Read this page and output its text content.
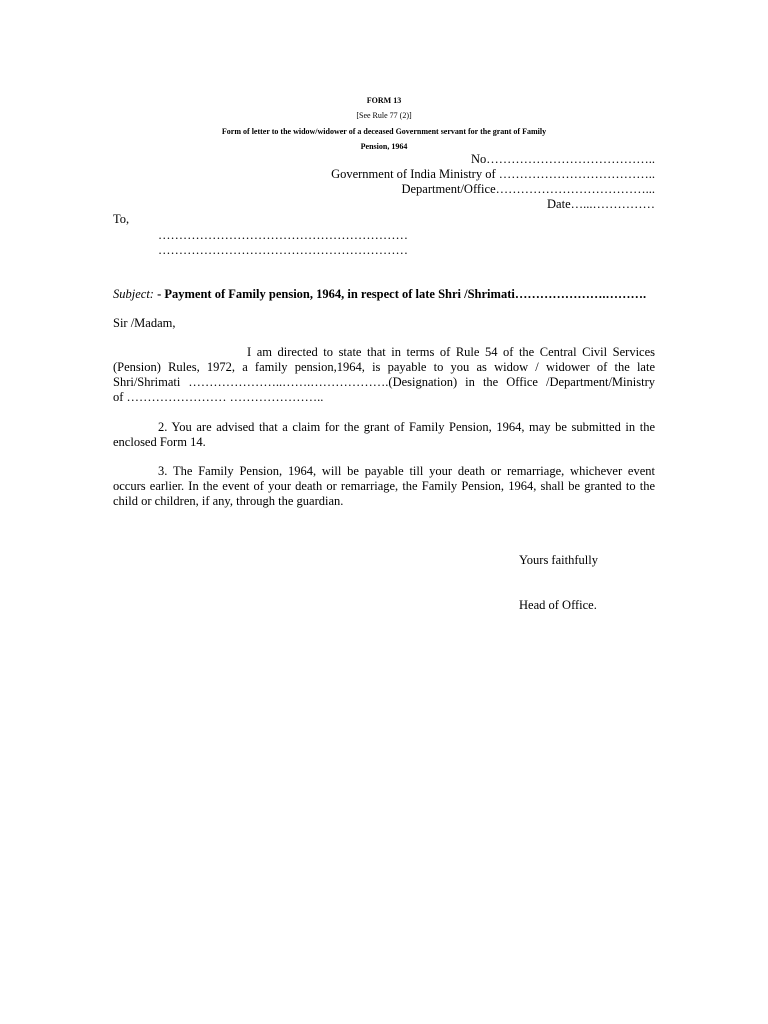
FORM 13
[See Rule 77 (2)]
Form of letter to the widow/widower of a deceased Government servant for the grant of Family
Pension, 1964
No…………………………………..
Government of India Ministry of ………………………………..
Department/Office………………………………...
Date…...……………
To,
……………………………………………………
……………………………………………………
Subject: - Payment of Family pension, 1964, in respect of late Shri /Shrimati………………….……….
Sir /Madam,
I am directed to state that in terms of Rule 54 of the Central Civil Services
(Pension) Rules, 1972, a family pension,1964, is payable to you as widow / widower of the late
Shri/Shrimati …………………..…….……………….(Designation) in the Office /Department/Ministry
of …………………… …………………..
2. You are advised that a claim for the grant of Family Pension, 1964, may be submitted in the
enclosed Form 14.
3. The Family Pension, 1964, will be payable till your death or remarriage, whichever event
occurs earlier. In the event of your death or remarriage, the Family Pension, 1964, shall be granted to the
child or children, if any, through the guardian.
Yours faithfully
Head of Office.
